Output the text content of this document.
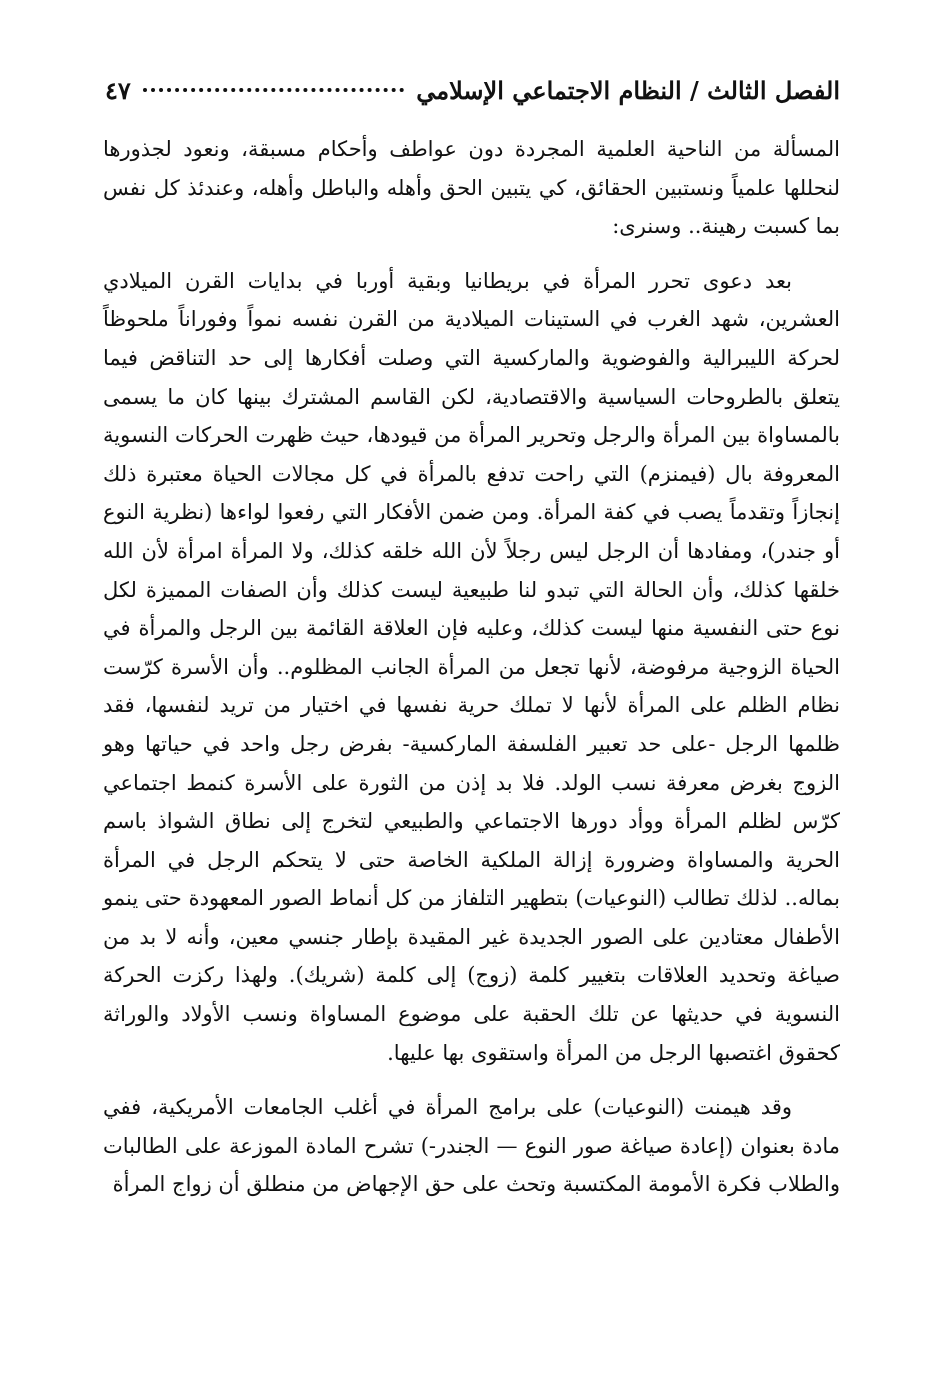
الفصل الثالث / النظام الاجتماعي الإسلامي
٤٧

المسألة من الناحية العلمية المجردة دون عواطف وأحكام مسبقة، ونعود لجذورها لنحللها علمياً ونستبين الحقائق، كي يتبين الحق وأهله والباطل وأهله، وعندئذ كل نفس بما كسبت رهينة.. وسنرى:

بعد دعوى تحرر المرأة في بريطانيا وبقية أوربا في بدايات القرن الميلادي العشرين، شهد الغرب في الستينات الميلادية من القرن نفسه نمواً وفوراناً ملحوظاً لحركة الليبرالية والفوضوية والماركسية التي وصلت أفكارها إلى حد التناقض فيما يتعلق بالطروحات السياسية والاقتصادية، لكن القاسم المشترك بينها كان ما يسمى بالمساواة بين المرأة والرجل وتحرير المرأة من قيودها، حيث ظهرت الحركات النسوية المعروفة بال (فيمنزم) التي راحت تدفع بالمرأة في كل مجالات الحياة معتبرة ذلك إنجازاً وتقدماً يصب في كفة المرأة. ومن ضمن الأفكار التي رفعوا لواءها (نظرية النوع أو جندر)، ومفادها أن الرجل ليس رجلاً لأن الله خلقه كذلك، ولا المرأة امرأة لأن الله خلقها كذلك، وأن الحالة التي تبدو لنا طبيعية ليست كذلك وأن الصفات المميزة لكل نوع حتى النفسية منها ليست كذلك، وعليه فإن العلاقة القائمة بين الرجل والمرأة في الحياة الزوجية مرفوضة، لأنها تجعل من المرأة الجانب المظلوم.. وأن الأسرة كرّست نظام الظلم على المرأة لأنها لا تملك حرية نفسها في اختيار من تريد لنفسها، فقد ظلمها الرجل -على حد تعبير الفلسفة الماركسية- بفرض رجل واحد في حياتها وهو الزوج بغرض معرفة نسب الولد. فلا بد إذن من الثورة على الأسرة كنمط اجتماعي كرّس لظلم المرأة ووأد دورها الاجتماعي والطبيعي لتخرج إلى نطاق الشواذ باسم الحرية والمساواة وضرورة إزالة الملكية الخاصة حتى لا يتحكم الرجل في المرأة بماله.. لذلك تطالب (النوعيات) بتطهير التلفاز من كل أنماط الصور المعهودة حتى ينمو الأطفال معتادين على الصور الجديدة غير المقيدة بإطار جنسي معين، وأنه لا بد من صياغة وتحديد العلاقات بتغيير كلمة (زوج) إلى كلمة (شريك). ولهذا ركزت الحركة النسوية في حديثها عن تلك الحقبة على موضوع المساواة ونسب الأولاد والوراثة كحقوق اغتصبها الرجل من المرأة واستقوى بها عليها.

وقد هيمنت (النوعيات) على برامج المرأة في أغلب الجامعات الأمريكية، ففي مادة بعنوان (إعادة صياغة صور النوع — الجندر-) تشرح المادة الموزعة على الطالبات والطلاب فكرة الأمومة المكتسبة وتحث على حق الإجهاض من منطلق أن زواج المرأة
